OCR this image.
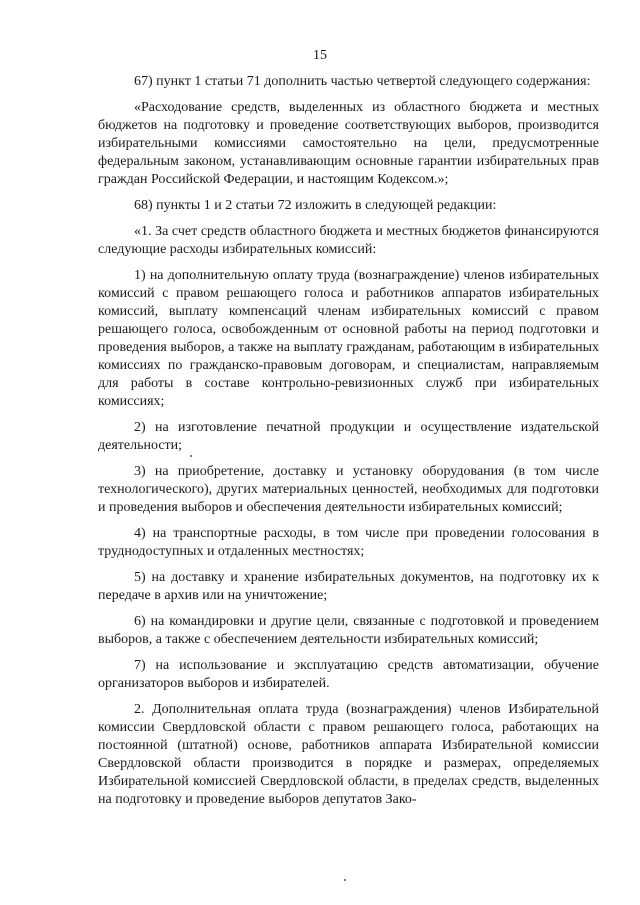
15

67) пункт 1 статьи 71 дополнить частью четвертой следующего содержания:

«Расходование средств, выделенных из областного бюджета и местных бюджетов на подготовку и проведение соответствующих выборов, производится избирательными комиссиями самостоятельно на цели, предусмотренные федеральным законом, устанавливающим основные гарантии избирательных прав граждан Российской Федерации, и настоящим Кодексом.»;

68) пункты 1 и 2 статьи 72 изложить в следующей редакции:

«1. За счет средств областного бюджета и местных бюджетов финансируются следующие расходы избирательных комиссий:

1) на дополнительную оплату труда (вознаграждение) членов избирательных комиссий с правом решающего голоса и работников аппаратов избирательных комиссий, выплату компенсаций членам избирательных комиссий с правом решающего голоса, освобожденным от основной работы на период подготовки и проведения выборов, а также на выплату гражданам, работающим в избирательных комиссиях по гражданско-правовым договорам, и специалистам, направляемым для работы в составе контрольно-ревизионных служб при избирательных комиссиях;

2) на изготовление печатной продукции и осуществление издательской деятельности;

3) на приобретение, доставку и установку оборудования (в том числе технологического), других материальных ценностей, необходимых для подготовки и проведения выборов и обеспечения деятельности избирательных комиссий;

4) на транспортные расходы, в том числе при проведении голосования в труднодоступных и отдаленных местностях;

5) на доставку и хранение избирательных документов, на подготовку их к передаче в архив или на уничтожение;

6) на командировки и другие цели, связанные с подготовкой и проведением выборов, а также с обеспечением деятельности избирательных комиссий;

7) на использование и эксплуатацию средств автоматизации, обучение организаторов выборов и избирателей.

2. Дополнительная оплата труда (вознаграждения) членов Избирательной комиссии Свердловской области с правом решающего голоса, работающих на постоянной (штатной) основе, работников аппарата Избирательной комиссии Свердловской области производится в порядке и размерах, определяемых Избирательной комиссией Свердловской области, в пределах средств, выделенных на подготовку и проведение выборов депутатов Зако-
